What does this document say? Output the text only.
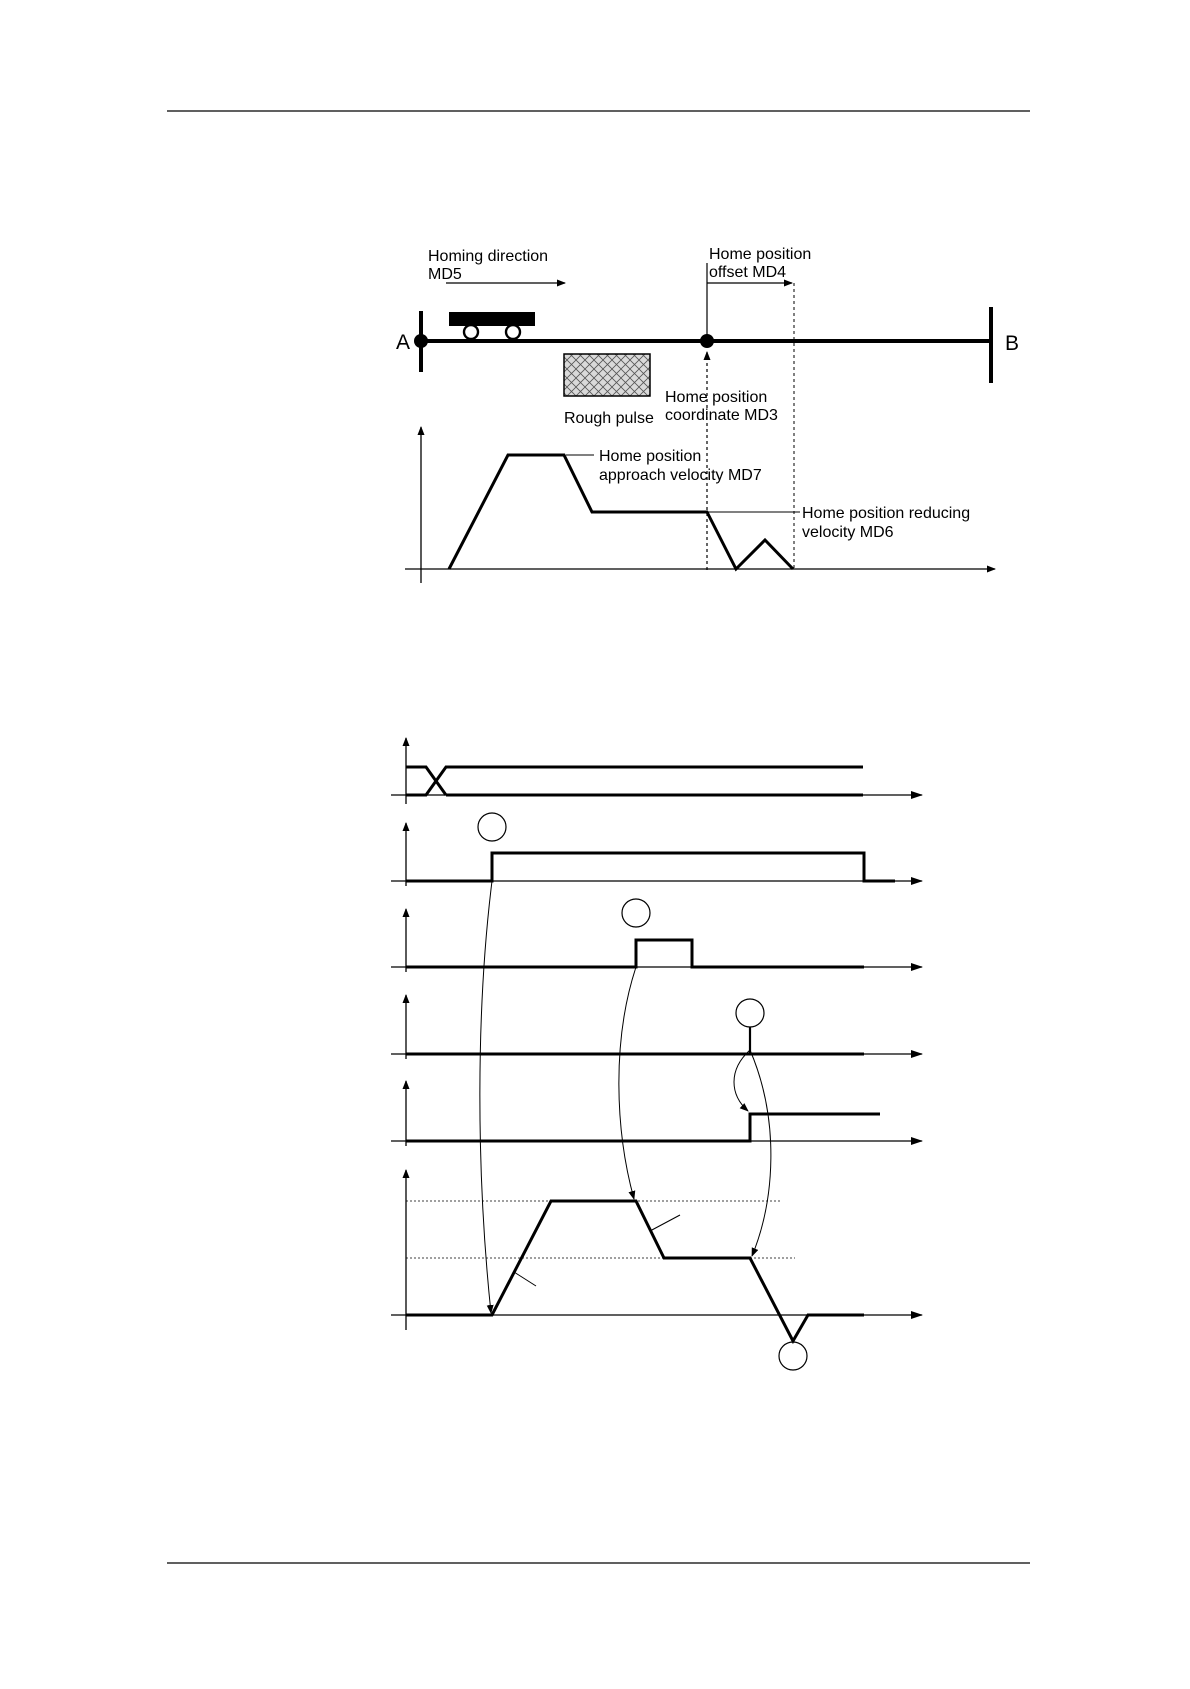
Homing direction
MD5
Home position
offset MD4
A	B
Rough pulse
Home position
coordinate MD3
Home position
approach velocity MD7
Home position reducing
velocity MD6
